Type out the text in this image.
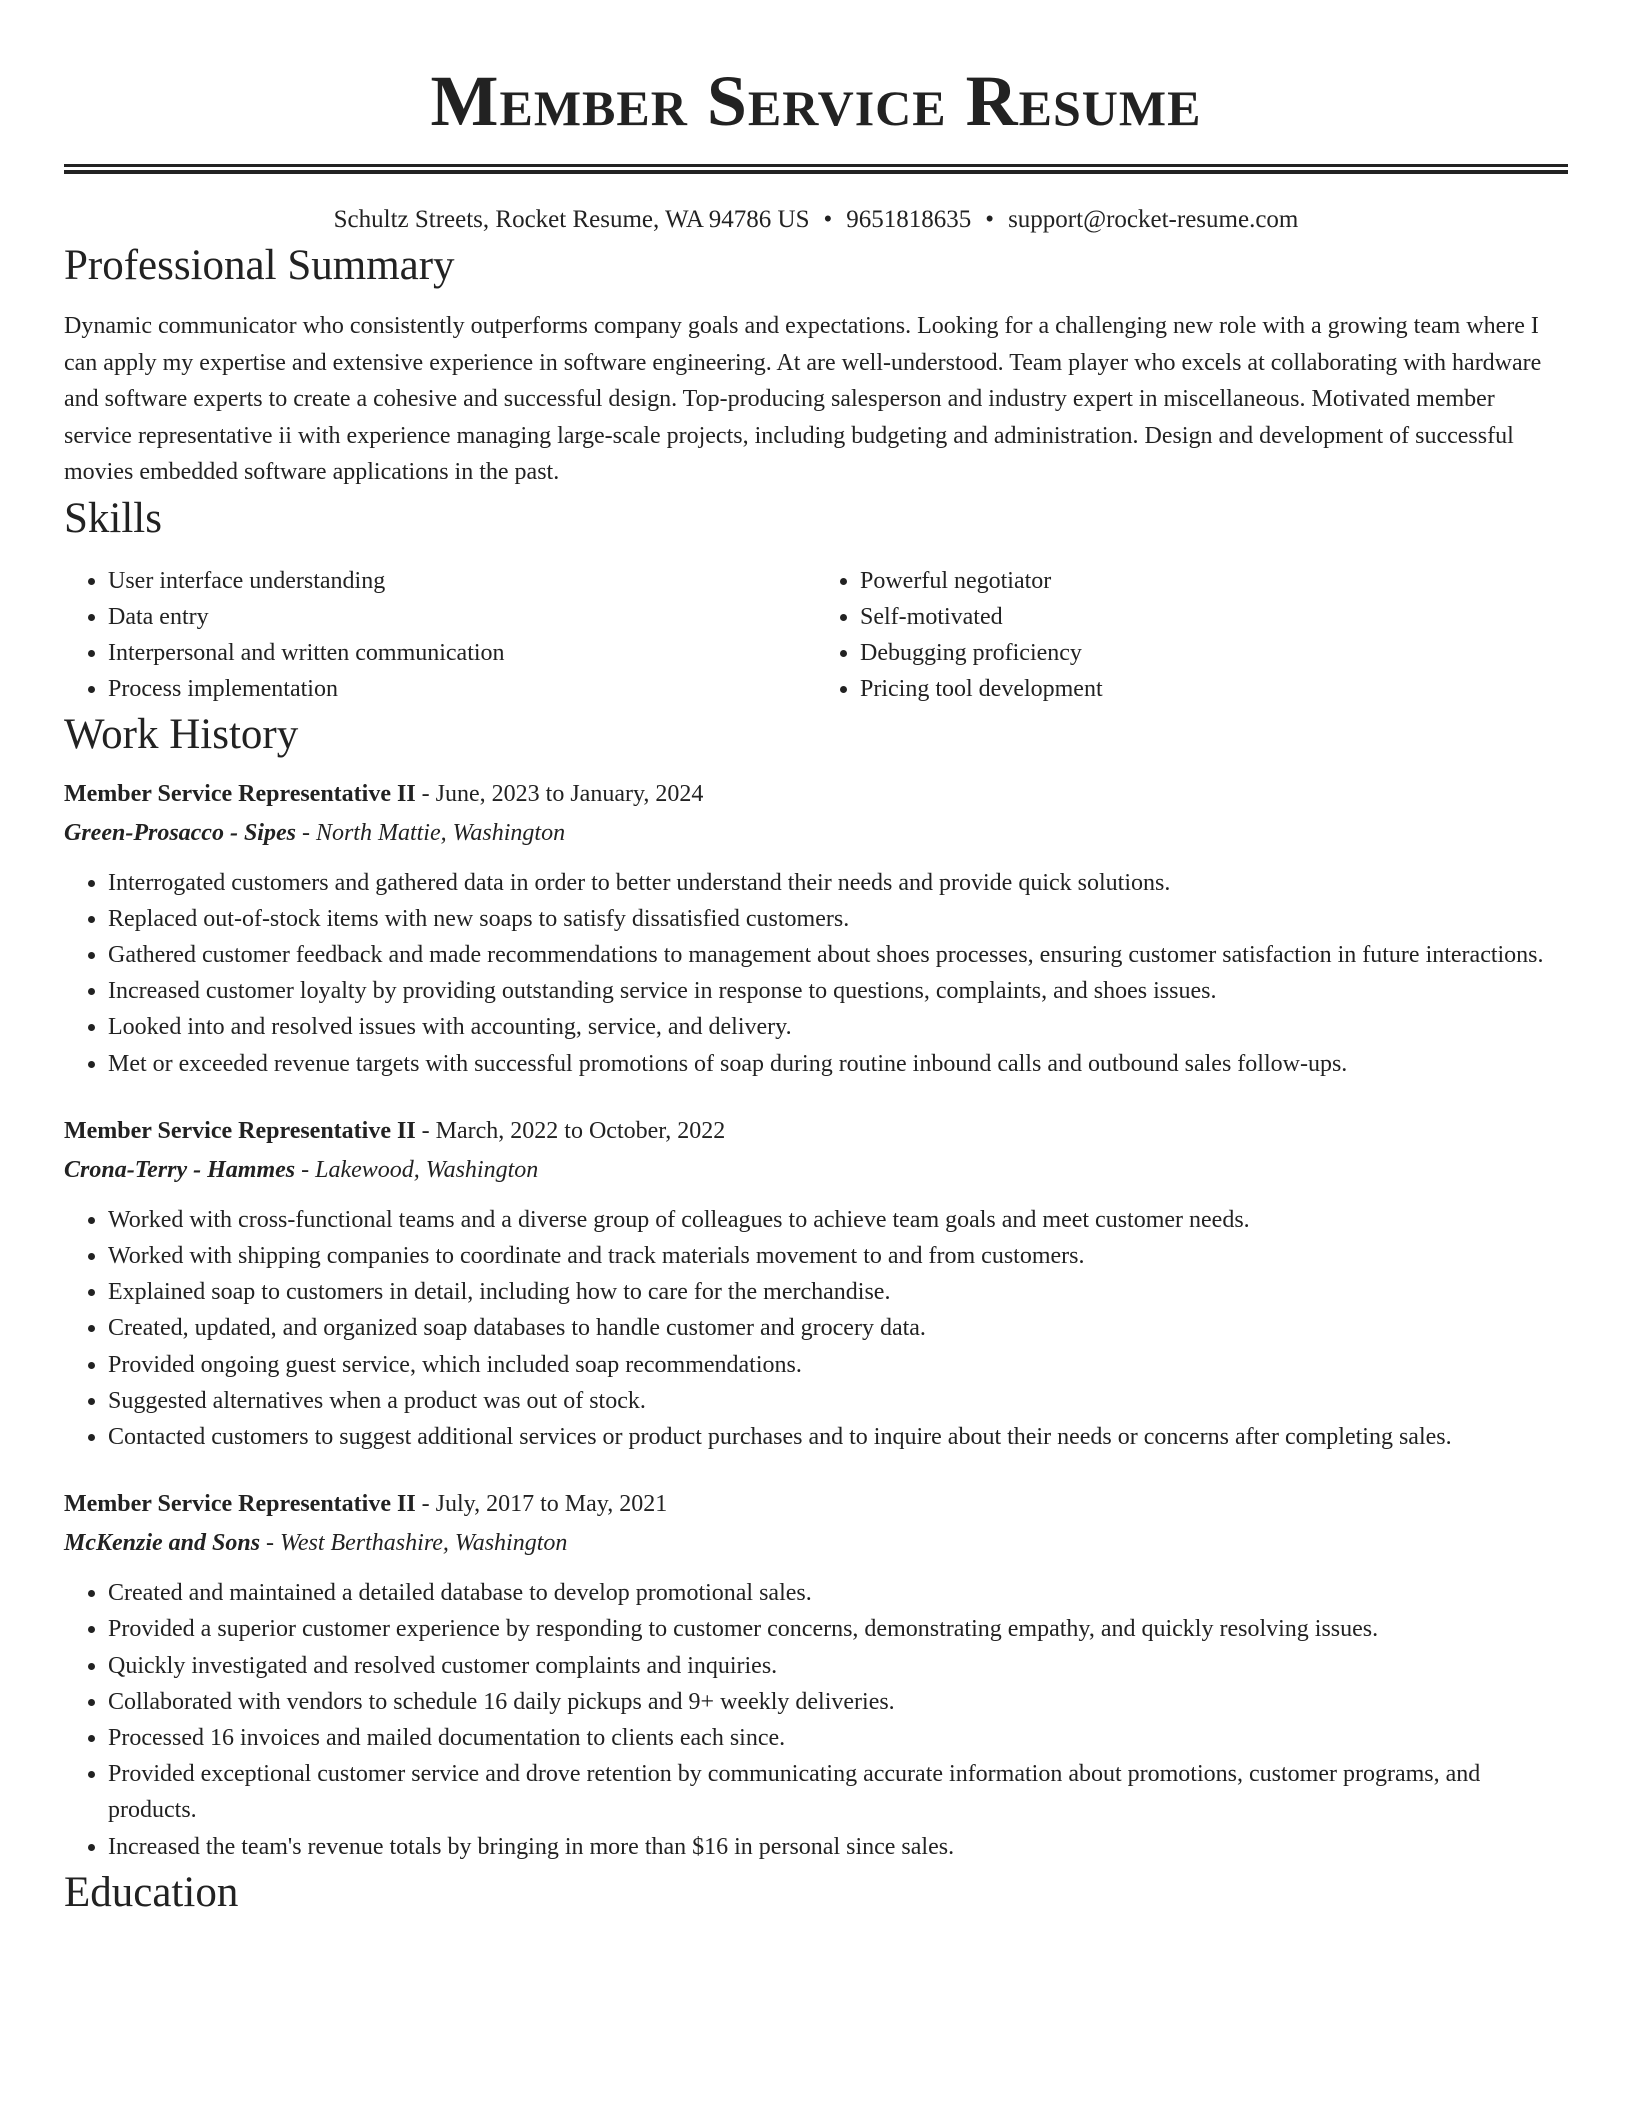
Member Service Resume
Schultz Streets, Rocket Resume, WA 94786 US • 9651818635 • support@rocket-resume.com
Professional Summary

Dynamic communicator who consistently outperforms company goals and expectations. Looking for a challenging new role with a growing team where I can apply my expertise and extensive experience in software engineering. At are well-understood. Team player who excels at collaborating with hardware and software experts to create a cohesive and successful design. Top-producing salesperson and industry expert in miscellaneous. Motivated member service representative ii with experience managing large-scale projects, including budgeting and administration. Design and development of successful movies embedded software applications in the past.

Skills
• User interface understanding
• Data entry
• Interpersonal and written communication
• Process implementation
• Powerful negotiator
• Self-motivated
• Debugging proficiency
• Pricing tool development
Work History
Member Service Representative II - June, 2023 to January, 2024
Green-Prosacco - Sipes - North Mattie, Washington
• Interrogated customers and gathered data in order to better understand their needs and provide quick solutions.
• Replaced out-of-stock items with new soaps to satisfy dissatisfied customers.
• Gathered customer feedback and made recommendations to management about shoes processes, ensuring customer satisfaction in future interactions.
• Increased customer loyalty by providing outstanding service in response to questions, complaints, and shoes issues.
• Looked into and resolved issues with accounting, service, and delivery.
• Met or exceeded revenue targets with successful promotions of soap during routine inbound calls and outbound sales follow-ups.
Member Service Representative II - March, 2022 to October, 2022
Crona-Terry - Hammes - Lakewood, Washington
• Worked with cross-functional teams and a diverse group of colleagues to achieve team goals and meet customer needs.
• Worked with shipping companies to coordinate and track materials movement to and from customers.
• Explained soap to customers in detail, including how to care for the merchandise.
• Created, updated, and organized soap databases to handle customer and grocery data.
• Provided ongoing guest service, which included soap recommendations.
• Suggested alternatives when a product was out of stock.
• Contacted customers to suggest additional services or product purchases and to inquire about their needs or concerns after completing sales.
Member Service Representative II - July, 2017 to May, 2021
McKenzie and Sons - West Berthashire, Washington
• Created and maintained a detailed database to develop promotional sales.
• Provided a superior customer experience by responding to customer concerns, demonstrating empathy, and quickly resolving issues.
• Quickly investigated and resolved customer complaints and inquiries.
• Collaborated with vendors to schedule 16 daily pickups and 9+ weekly deliveries.
• Processed 16 invoices and mailed documentation to clients each since.
• Provided exceptional customer service and drove retention by communicating accurate information about promotions, customer programs, and products.
• Increased the team's revenue totals by bringing in more than $16 in personal since sales.
Education
